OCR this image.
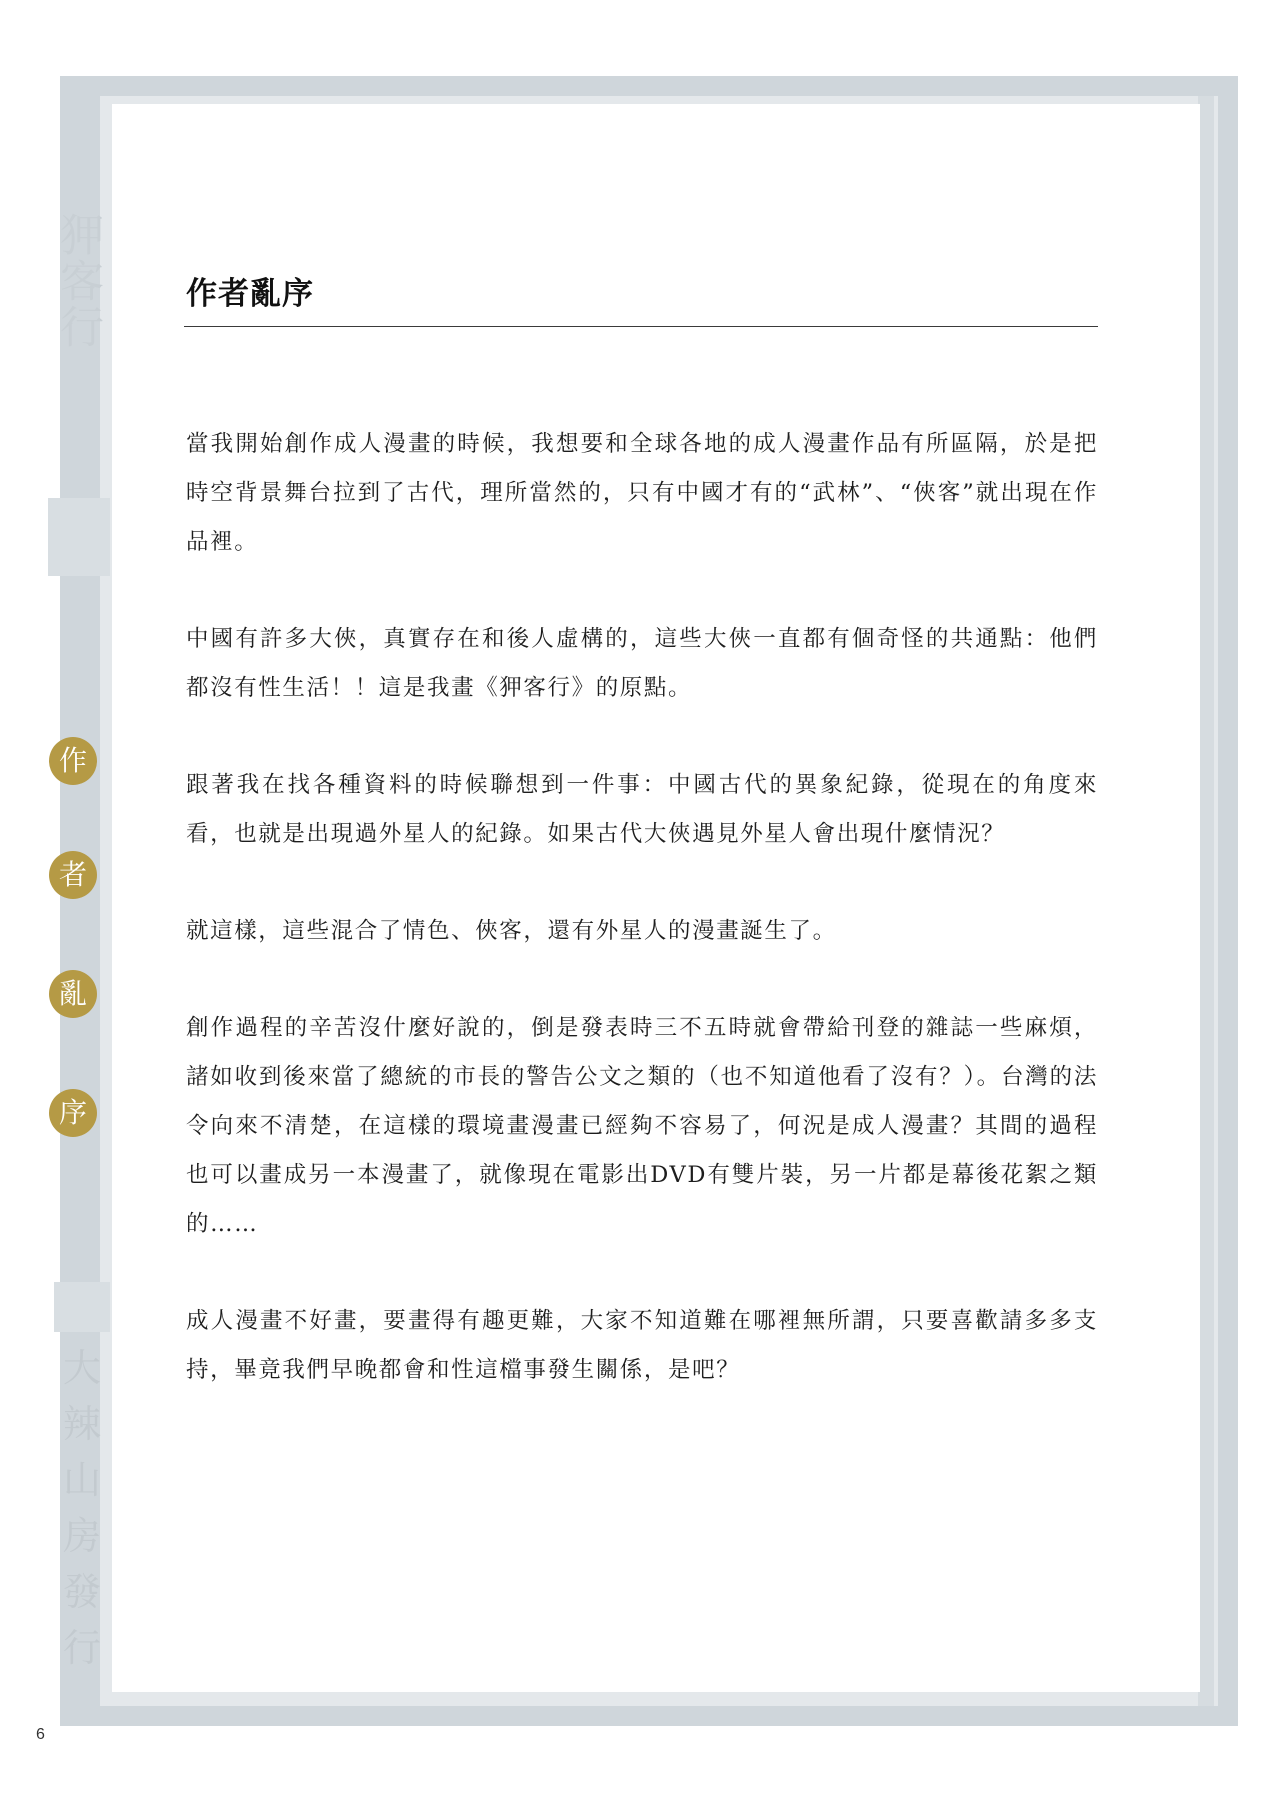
狎客行
作
者
亂
序
大
辣
山
房
發
行
作者亂序

當我開始創作成人漫畫的時候，我想要和全球各地的成人漫畫作品有所區隔，於是把時空背景舞台拉到了古代，理所當然的，只有中國才有的“武林”、“俠客”就出現在作品裡。

中國有許多大俠，真實存在和後人虛構的，這些大俠一直都有個奇怪的共通點：他們都沒有性生活！！這是我畫《狎客行》的原點。

跟著我在找各種資料的時候聯想到一件事：中國古代的異象紀錄，從現在的角度來看，也就是出現過外星人的紀錄。如果古代大俠遇見外星人會出現什麼情況？

就這樣，這些混合了情色、俠客，還有外星人的漫畫誕生了。

創作過程的辛苦沒什麼好說的，倒是發表時三不五時就會帶給刊登的雜誌一些麻煩，諸如收到後來當了總統的市長的警告公文之類的（也不知道他看了沒有？）。台灣的法令向來不清楚，在這樣的環境畫漫畫已經夠不容易了，何況是成人漫畫？其間的過程也可以畫成另一本漫畫了，就像現在電影出DVD有雙片裝，另一片都是幕後花絮之類的……

成人漫畫不好畫，要畫得有趣更難，大家不知道難在哪裡無所謂，只要喜歡請多多支持，畢竟我們早晚都會和性這檔事發生關係，是吧？

6
